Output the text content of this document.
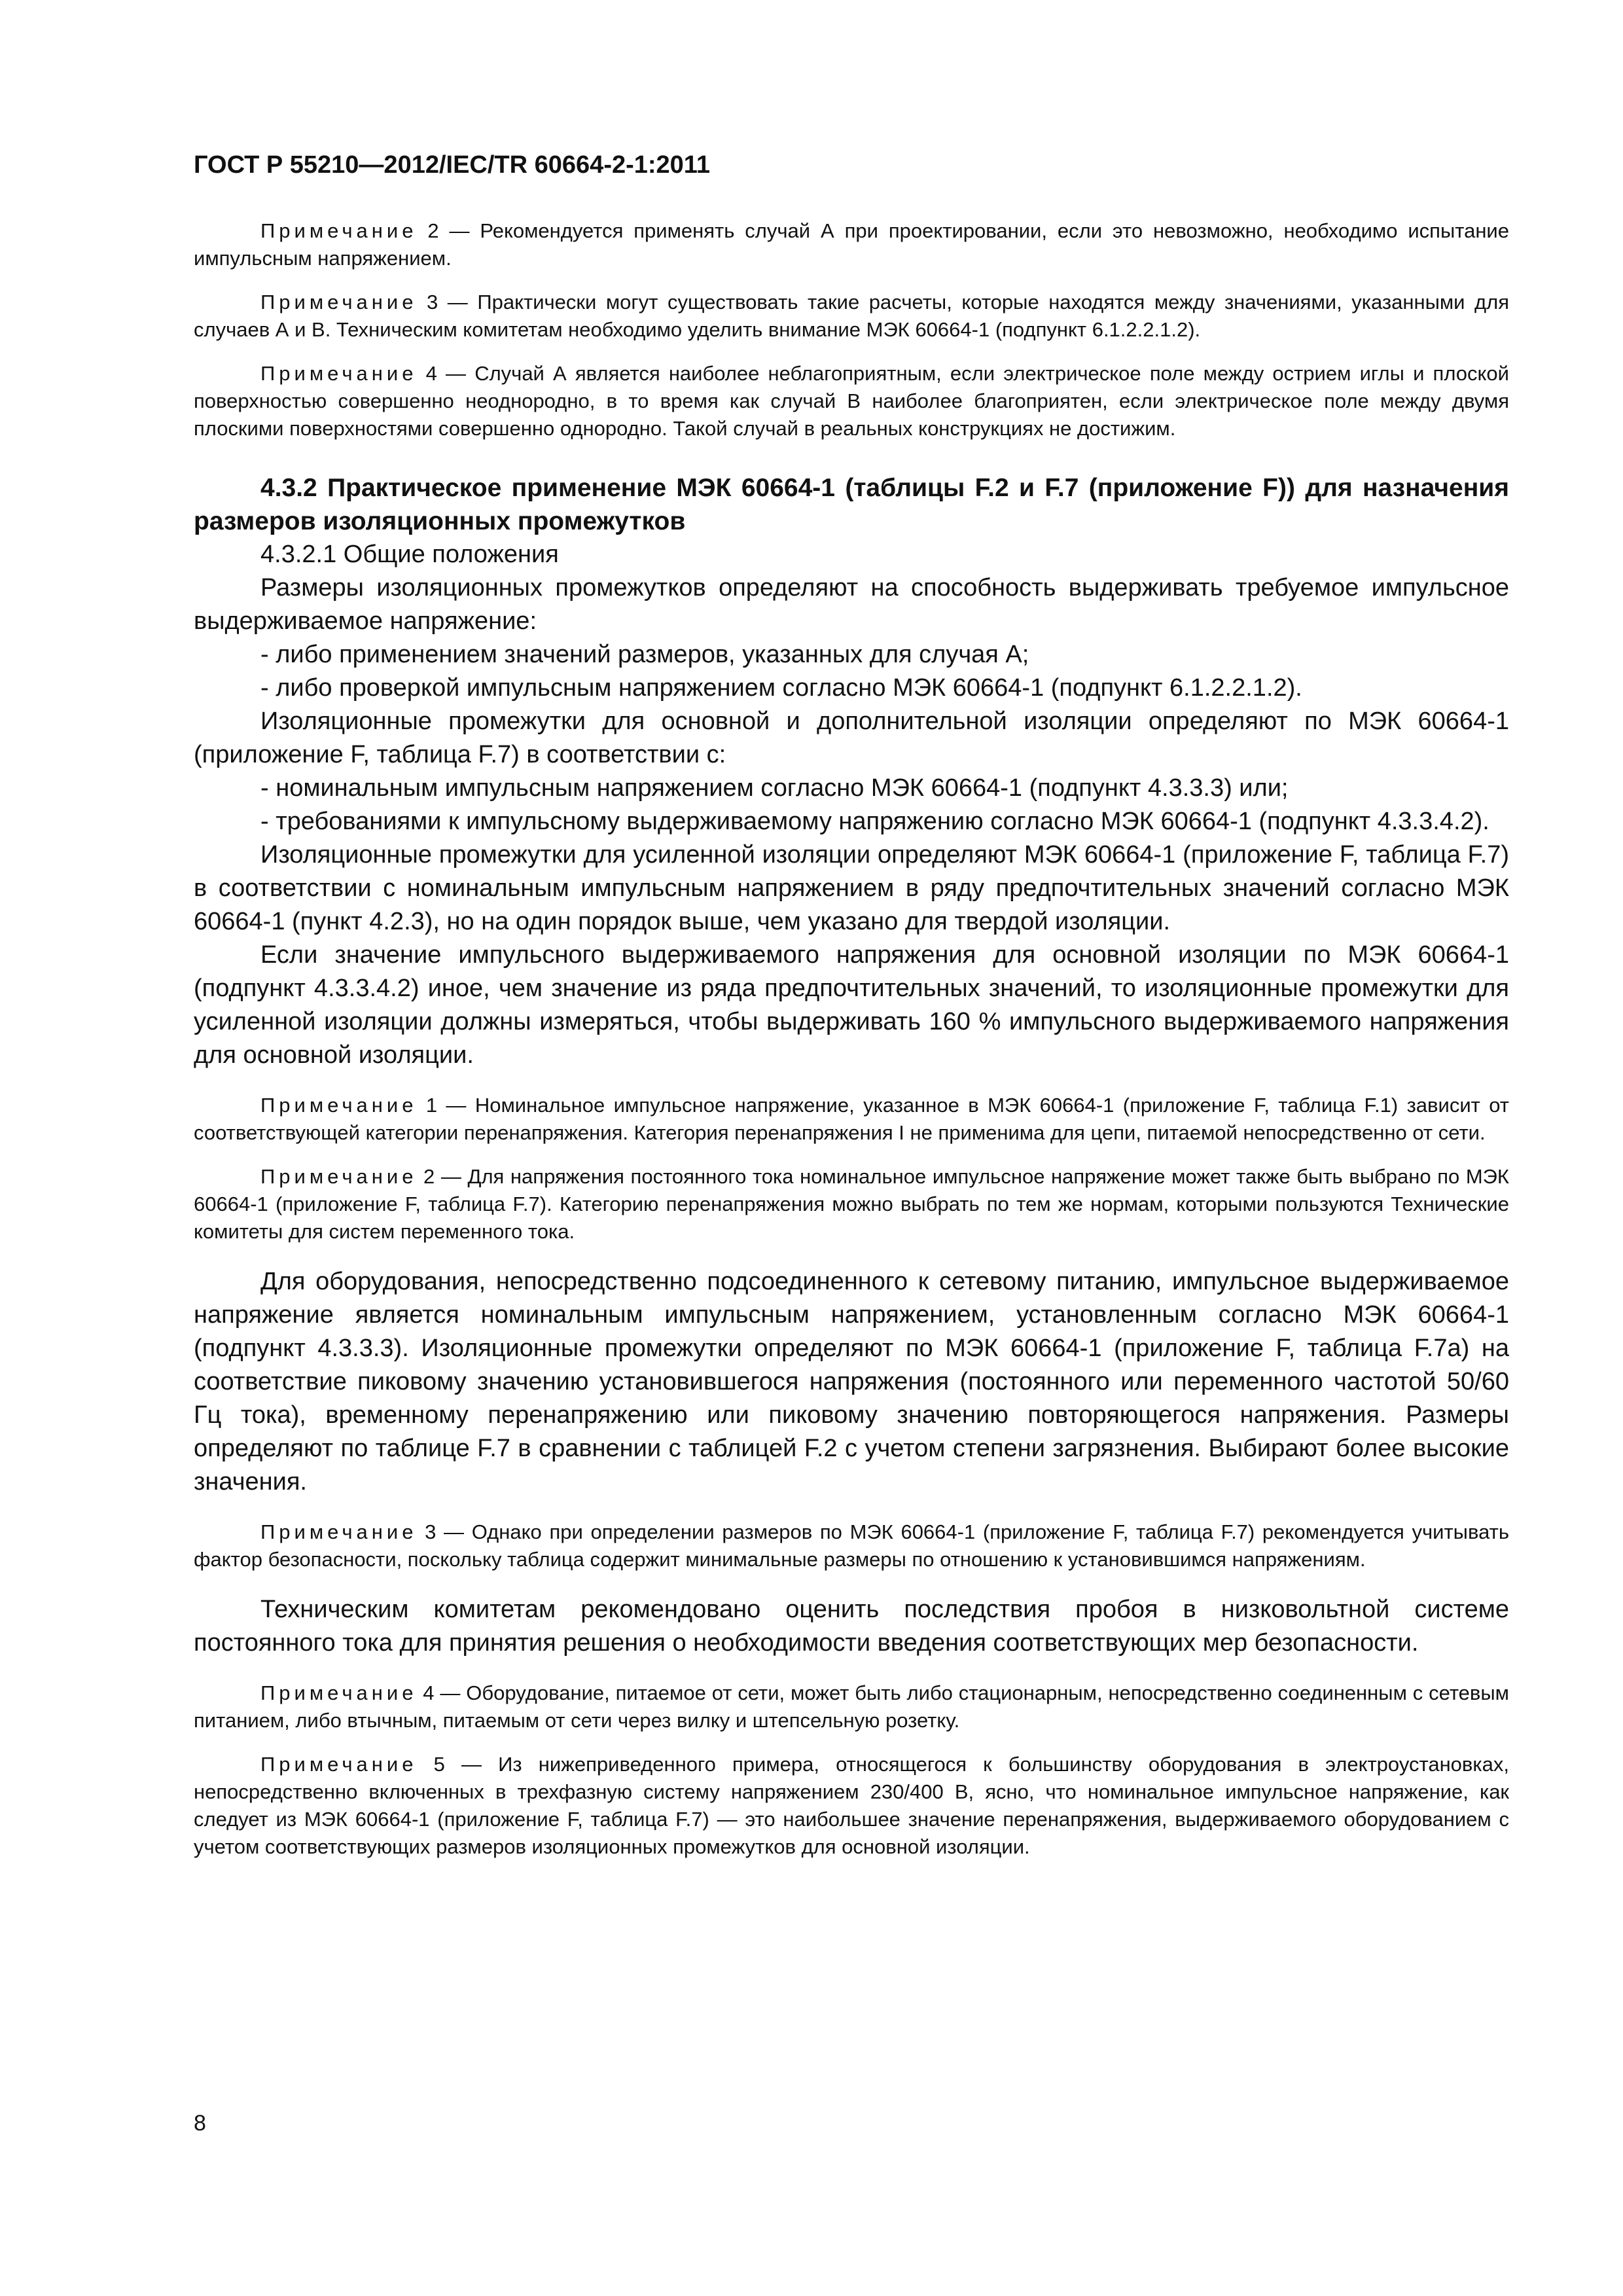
ГОСТ Р 55210—2012/IEC/TR 60664-2-1:2011

Примечание 2 — Рекомендуется применять случай А при проектировании, если это невозможно, необходимо испытание импульсным напряжением.

Примечание 3 — Практически могут существовать такие расчеты, которые находятся между значениями, указанными для случаев А и В. Техническим комитетам необходимо уделить внимание МЭК 60664-1 (подпункт 6.1.2.2.1.2).

Примечание 4 — Случай А является наиболее неблагоприятным, если электрическое поле между острием иглы и плоской поверхностью совершенно неоднородно, в то время как случай В наиболее благоприятен, если электрическое поле между двумя плоскими поверхностями совершенно однородно. Такой случай в реальных конструкциях не достижим.

4.3.2 Практическое применение МЭК 60664-1 (таблицы F.2 и F.7 (приложение F)) для назначения размеров изоляционных промежутков

4.3.2.1 Общие положения

Размеры изоляционных промежутков определяют на способность выдерживать требуемое импульсное выдерживаемое напряжение:

- либо применением значений размеров, указанных для случая А;

- либо проверкой импульсным напряжением согласно МЭК 60664-1 (подпункт 6.1.2.2.1.2).

Изоляционные промежутки для основной и дополнительной изоляции определяют по МЭК 60664-1 (приложение F, таблица F.7) в соответствии с:

- номинальным импульсным напряжением согласно МЭК 60664-1 (подпункт 4.3.3.3) или;

- требованиями к импульсному выдерживаемому напряжению согласно МЭК 60664-1 (подпункт 4.3.3.4.2).

Изоляционные промежутки для усиленной изоляции определяют МЭК 60664-1 (приложение F, таблица F.7) в соответствии с номинальным импульсным напряжением в ряду предпочтительных значений согласно МЭК 60664-1 (пункт 4.2.3), но на один порядок выше, чем указано для твердой изоляции.

Если значение импульсного выдерживаемого напряжения для основной изоляции по МЭК 60664-1 (подпункт 4.3.3.4.2) иное, чем значение из ряда предпочтительных значений, то изоляционные промежутки для усиленной изоляции должны измеряться, чтобы выдерживать 160 % импульсного выдерживаемого напряжения для основной изоляции.

Примечание 1 — Номинальное импульсное напряжение, указанное в МЭК 60664-1 (приложение F, таблица F.1) зависит от соответствующей категории перенапряжения. Категория перенапряжения I не применима для цепи, питаемой непосредственно от сети.

Примечание 2 — Для напряжения постоянного тока номинальное импульсное напряжение может также быть выбрано по МЭК 60664-1 (приложение F, таблица F.7). Категорию перенапряжения можно выбрать по тем же нормам, которыми пользуются Технические комитеты для систем переменного тока.

Для оборудования, непосредственно подсоединенного к сетевому питанию, импульсное выдерживаемое напряжение является номинальным импульсным напряжением, установленным согласно МЭК 60664-1 (подпункт 4.3.3.3). Изоляционные промежутки определяют по МЭК 60664-1 (приложение F, таблица F.7а) на соответствие пиковому значению установившегося напряжения (постоянного или переменного частотой 50/60 Гц тока), временному перенапряжению или пиковому значению повторяющегося напряжения. Размеры определяют по таблице F.7 в сравнении с таблицей F.2 с учетом степени загрязнения. Выбирают более высокие значения.

Примечание 3 — Однако при определении размеров по МЭК 60664-1 (приложение F, таблица F.7) рекомендуется учитывать фактор безопасности, поскольку таблица содержит минимальные размеры по отношению к установившимся напряжениям.

Техническим комитетам рекомендовано оценить последствия пробоя в низковольтной системе постоянного тока для принятия решения о необходимости введения соответствующих мер безопасности.

Примечание 4 — Оборудование, питаемое от сети, может быть либо стационарным, непосредственно соединенным с сетевым питанием, либо втычным, питаемым от сети через вилку и штепсельную розетку.

Примечание 5 — Из нижеприведенного примера, относящегося к большинству оборудования в электроустановках, непосредственно включенных в трехфазную систему напряжением 230/400 В, ясно, что номинальное импульсное напряжение, как следует из МЭК 60664-1 (приложение F, таблица F.7) — это наибольшее значение перенапряжения, выдерживаемого оборудованием с учетом соответствующих размеров изоляционных промежутков для основной изоляции.

8
